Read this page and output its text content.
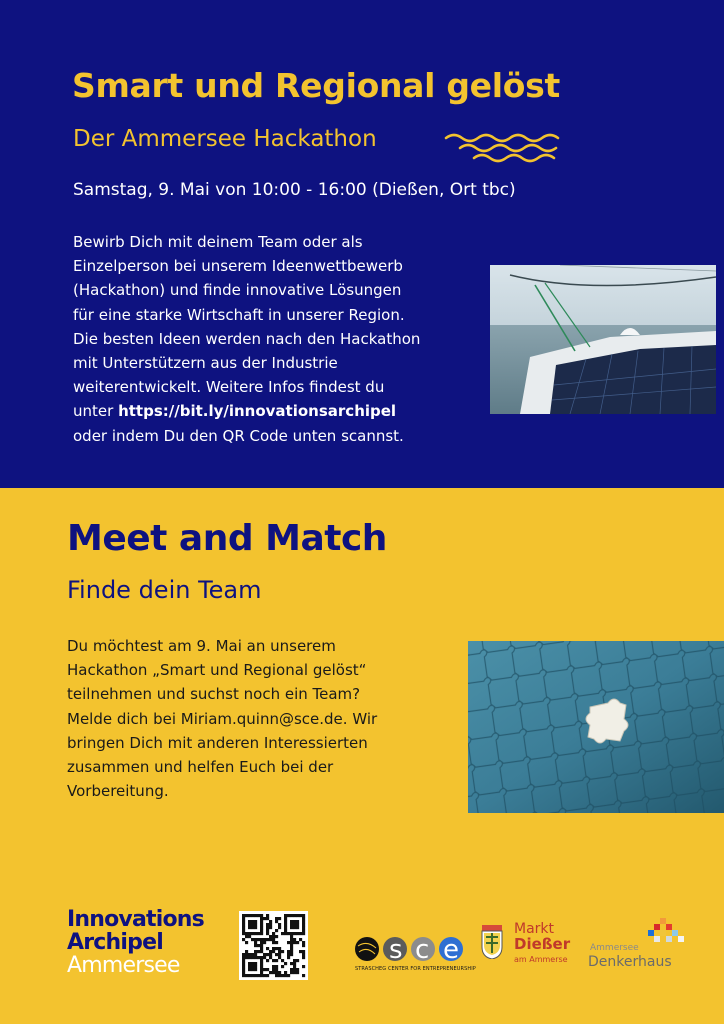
Smart und Regional gelöst
Der Ammersee Hackathon
Samstag, 9. Mai von 10:00 - 16:00 (Dießen, Ort tbc)

Bewirb Dich mit deinem Team oder als
Einzelperson bei unserem Ideenwettbewerb
(Hackathon) und finde innovative Lösungen
für eine starke Wirtschaft in unserer Region.
Die besten Ideen werden nach den Hackathon
mit Unterstützern aus der Industrie
weiterentwickelt. Weitere Infos findest du
unter https://bit.ly/innovationsarchipel
oder indem Du den QR Code unten scannst.

Meet and Match
Finde dein Team

Du möchtest am 9. Mai an unserem
Hackathon „Smart und Regional gelöst“
teilnehmen und suchst noch ein Team?
Melde dich bei Miriam.quinn@sce.de. Wir
bringen Dich mit anderen Interessierten
zusammen und helfen Euch bei der
Vorbereitung.

Innovations
Archipel
Ammersee
s c e
STRASCHEG CENTER FOR ENTREPRENEURSHIP
Markt
Dießer
am Ammerse
Ammersee
Denkerhaus
